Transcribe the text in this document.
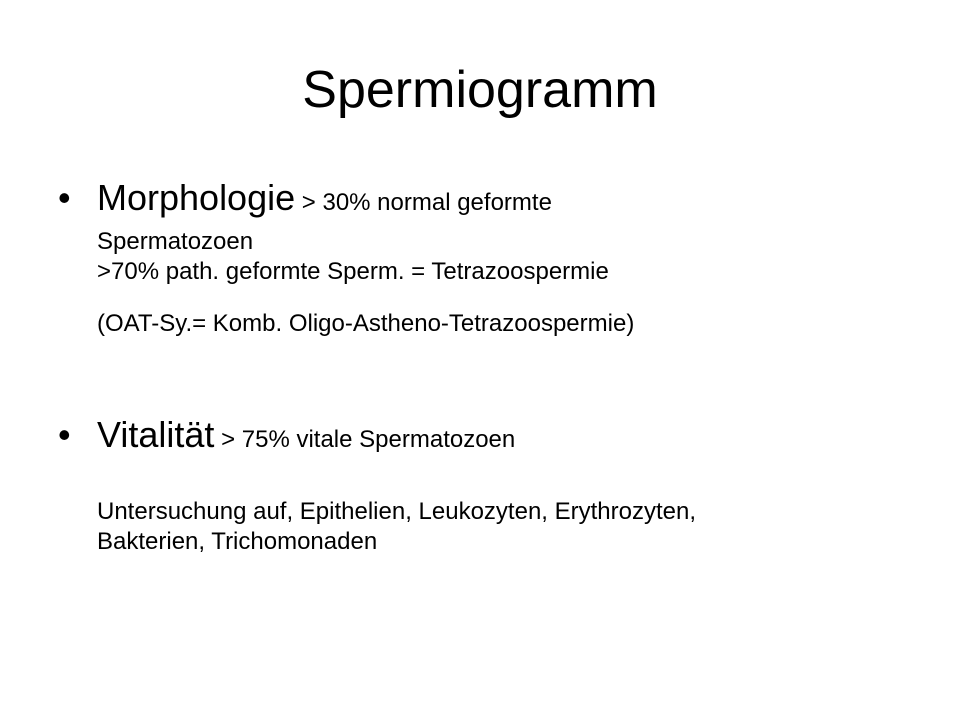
Spermiogramm
• Morphologie > 30% normal geformte
Spermatozoen
>70% path. geformte Sperm. = Tetrazoospermie
(OAT-Sy.= Komb. Oligo-Astheno-Tetrazoospermie)
• Vitalität > 75% vitale Spermatozoen
Untersuchung auf, Epithelien, Leukozyten, Erythrozyten,
Bakterien, Trichomonaden
